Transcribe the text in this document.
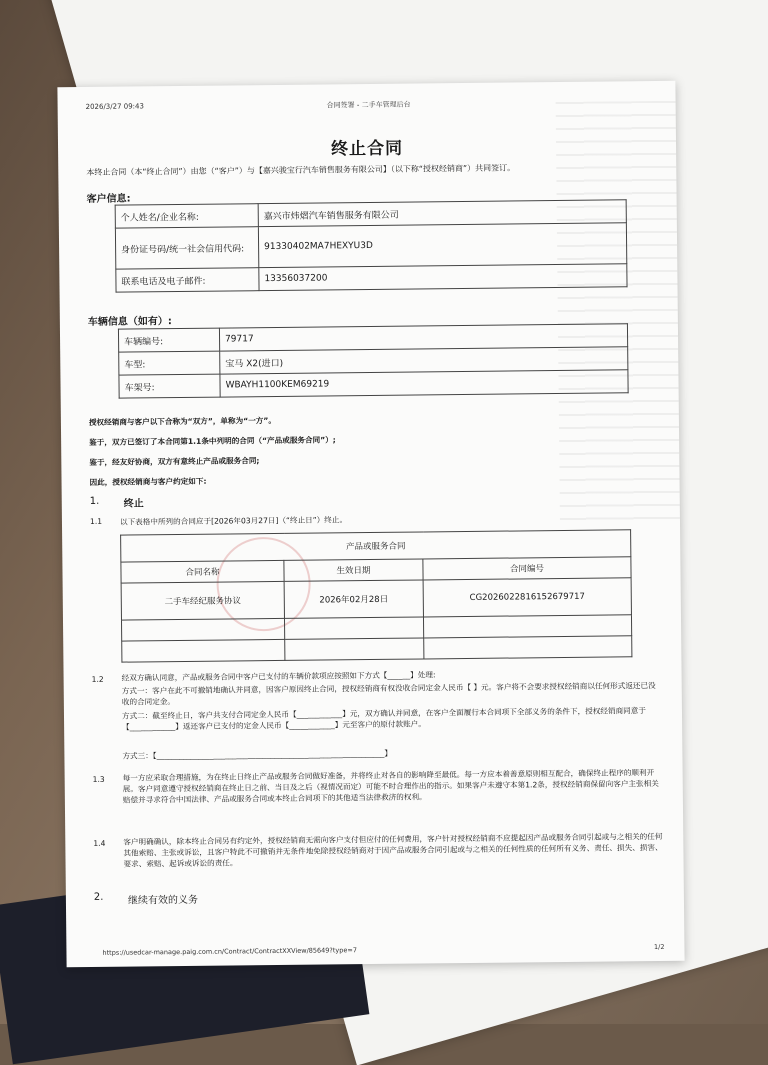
2026/3/27 09:43	合同签署 - 二手车管理后台
终止合同
本终止合同（本“终止合同”）由您（“客户”）与【嘉兴骏宝行汽车销售服务有限公司】（以下称“授权经销商”）共同签订。
客户信息:
个人姓名/企业名称:	嘉兴市炜熠汽车销售服务有限公司
身份证号码/统一社会信用代码:	91330402MA7HEXYU3D
联系电话及电子邮件:	13356037200
车辆信息（如有）:
车辆编号:	79717
车型:	宝马 X2(进口)
车架号:	WBAYH1100KEM69219
授权经销商与客户以下合称为“双方”，单称为“一方”。
鉴于，双方已签订了本合同第1.1条中列明的合同（“产品或服务合同”）;
鉴于，经友好协商，双方有意终止产品或服务合同;
因此，授权经销商与客户约定如下:
1. 终止
1.1 以下表格中所列的合同应于[2026年03月27日]（“终止日”）终止。
产品或服务合同		
合同名称	生效日期	合同编号
二手车经纪服务协议	2026年02月28日	CG2026022816152679717

1.2 经双方确认同意，产品或服务合同中客户已支付的车辆价款项应按照如下方式【______】处理:
方式一：客户在此不可撤销地确认并同意，因客户原因终止合同，授权经销商有权没收合同定金人民币【 】元。客户将不会要求授权经销商以任何形式返还已没收的合同定金。
方式二：截至终止日，客户共支付合同定金人民币【____________】元，双方确认并同意，在客户全面履行本合同项下全部义务的条件下，授权经销商同意于【____________】返还客户已支付的定金人民币【____________】元至客户的原付款账户。
方式三：【____________________________________________________________】
1.3 每一方应采取合理措施，为在终止日终止产品或服务合同做好准备，并将终止对各自的影响降至最低。每一方应本着善意原则相互配合，确保终止程序的顺利开展。客户同意遵守授权经销商在终止日之前、当日及之后（视情况而定）可能不时合理作出的指示。如果客户未遵守本第1.2条，授权经销商保留向客户主张相关赔偿并寻求符合中国法律、产品或服务合同或本终止合同项下的其他适当法律救济的权利。
1.4 客户明确确认，除本终止合同另有约定外，授权经销商无需向客户支付但应付的任何费用，客户针对授权经销商不应提起因产品或服务合同引起或与之相关的任何其他索赔、主张或诉讼，且客户特此不可撤销并无条件地免除授权经销商对于因产品或服务合同引起或与之相关的任何性质的任何所有义务、责任、损失、损害、要求、索赔、起诉或诉讼的责任。
2. 继续有效的义务
https://usedcar-manage.paig.com.cn/Contract/ContractXXView/85649?type=7	1/2
